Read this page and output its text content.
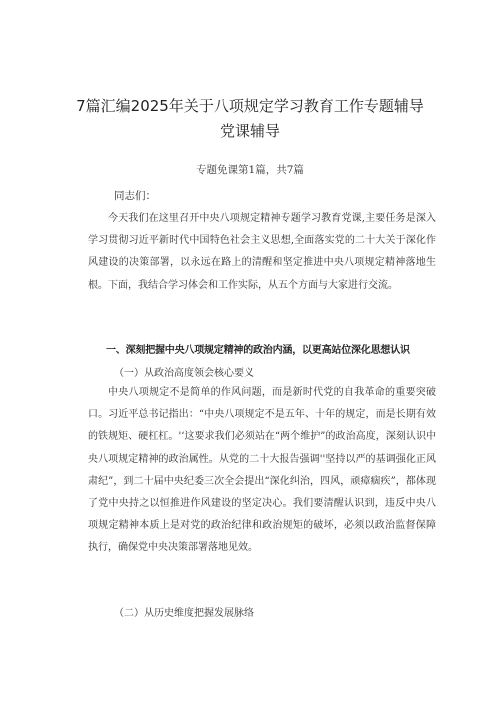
7篇汇编2025年关于八项规定学习教育工作专题辅导
党课辅导
专题免课第1篇，共7篇
同志们：
今天我们在这里召开中央八项规定精神专题学习教育党课,主要任务是深入学习贯彻习近平新时代中国特色社会主义思想,全面落实党的二十大关于深化作风建设的决策部署，以永远在路上的清醒和坚定推进中央八项规定精神落地生根。下面，我结合学习体会和工作实际，从五个方面与大家进行交流。
一、深刻把握中央八项规定精神的政治内涵，以更高站位深化思想认识
（一）从政治高度领会核心要义
中央八项规定不是简单的作风问题，而是新时代党的自我革命的重要突破口。习近平总书记指出：“中央八项规定不是五年、十年的规定，而是长期有效的铁规矩、硬杠杠。'‘这要求我们必须站在“两个维护”的政治高度，深刻认识中央八项规定精神的政治属性。从党的二十大报告强调''坚持以严的基调强化正风肃纪”，到二十届中央纪委三次全会提出“深化纠治，四风，顽瘴痼疾”，都体现了党中央持之以恒推进作风建设的坚定决心。我们要清醒认识到，违反中央八项规定精神本质上是对党的政治纪律和政治规矩的破坏，必须以政治监督保障执行，确保党中央决策部署落地见效。
（二）从历史维度把握发展脉络
